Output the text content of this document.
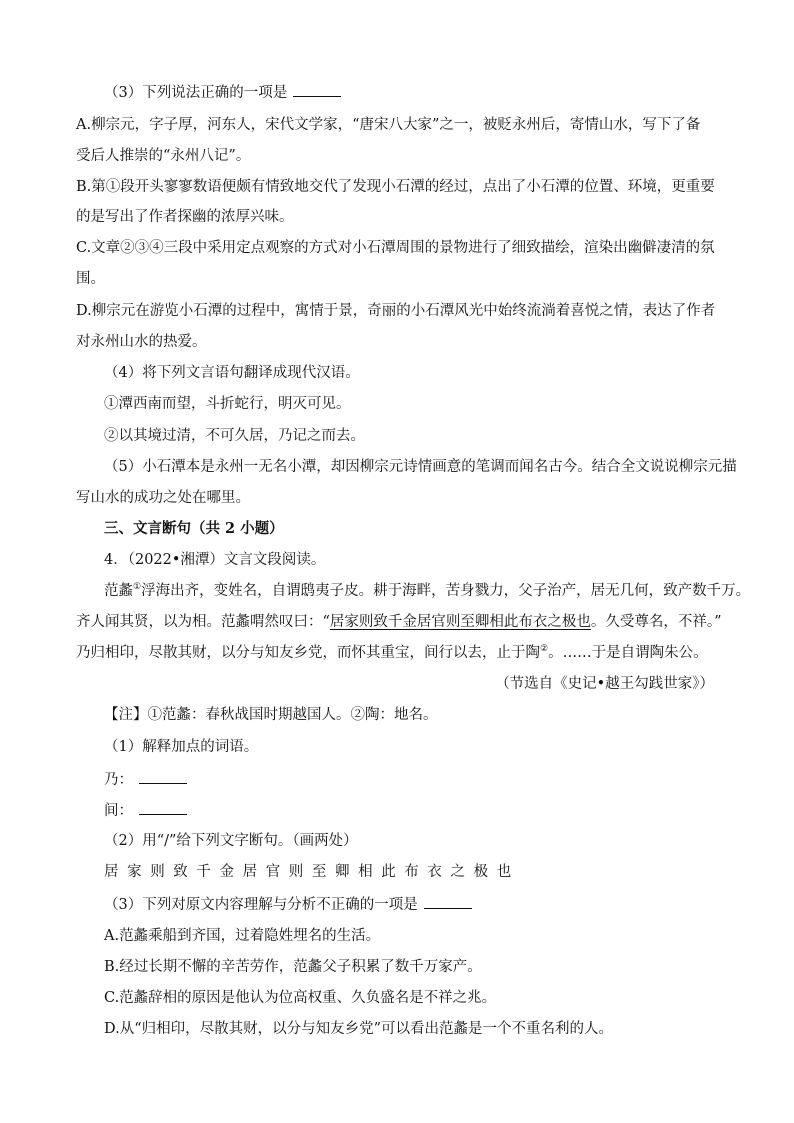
（3）下列说法正确的一项是
A.柳宗元，字子厚，河东人，宋代文学家，“唐宋八大家”之一，被贬永州后，寄情山水，写下了备
受后人推崇的“永州八记”。
B.第①段开头寥寥数语便颇有情致地交代了发现小石潭的经过，点出了小石潭的位置、环境，更重要
的是写出了作者探幽的浓厚兴味。
C.文章②③④三段中采用定点观察的方式对小石潭周围的景物进行了细致描绘，渲染出幽僻凄清的氛
围。
D.柳宗元在游览小石潭的过程中，寓情于景，奇丽的小石潭风光中始终流淌着喜悦之情，表达了作者
对永州山水的热爱。
（4）将下列文言语句翻译成现代汉语。
①潭西南而望，斗折蛇行，明灭可见。
②以其境过清，不可久居，乃记之而去。
（5）小石潭本是永州一无名小潭，却因柳宗元诗情画意的笔调而闻名古今。结合全文说说柳宗元描
写山水的成功之处在哪里。
三、文言断句（共 2 小题）
4．（2022•湘潭）文言文段阅读。
范蠡①浮海出齐，变姓名，自谓鸱夷子皮。耕于海畔，苦身戮力，父子治产，居无几何，致产数千万。
齐人闻其贤，以为相。范蠡喟然叹曰：“居家则致千金居官则至卿相此布衣之极也。久受尊名，不祥。”
乃归相印，尽散其财，以分与知友乡党，而怀其重宝，间行以去，止于陶②。……于是自谓陶朱公。
（节选自《史记•越王勾践世家》）
【注】①范蠡：春秋战国时期越国人。②陶：地名。
（1）解释加点的词语。
乃：
间：
（2）用“/”给下列文字断句。（画两处）
居家则致千金居官则至卿相此布衣之极也
（3）下列对原文内容理解与分析不正确的一项是
A.范蠡乘船到齐国，过着隐姓埋名的生活。
B.经过长期不懈的辛苦劳作，范蠡父子积累了数千万家产。
C.范蠡辞相的原因是他认为位高权重、久负盛名是不祥之兆。
D.从“归相印，尽散其财，以分与知友乡党”可以看出范蠡是一个不重名利的人。
